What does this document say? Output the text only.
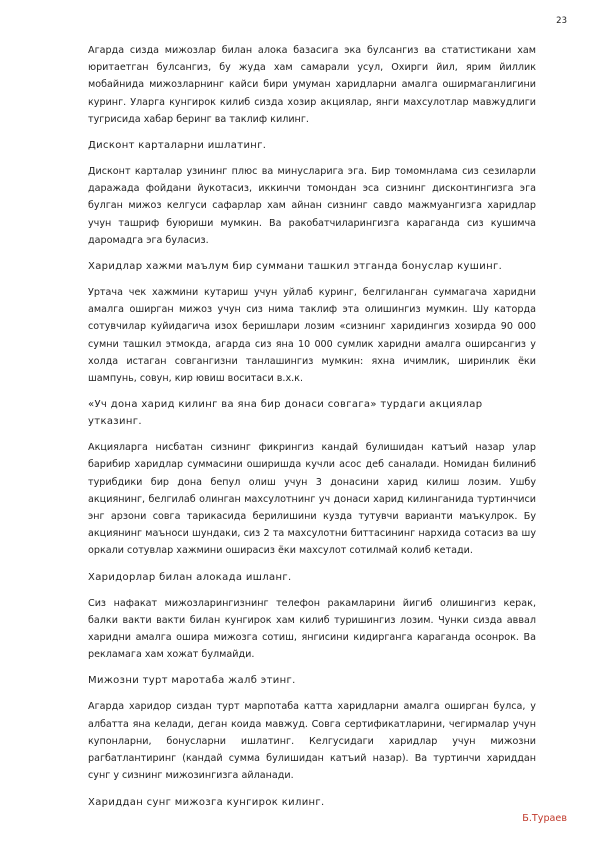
23

Агарда сизда мижозлар билан алока базасига эка булсангиз ва статистикани хам юритаетган булсангиз, бу жуда хам самарали усул, Охирги йил, ярим йиллик мобайнида мижозларнинг кайси бири умуман харидларни амалга оширмаганлигини куринг. Уларга кунгирок килиб сизда хозир акциялар, янги махсулотлар мавжудлиги тугрисида хабар беринг ва таклиф килинг.

Дисконт карталарни ишлатинг.

Дисконт карталар узининг плюс ва минусларига эга. Бир томомнлама сиз сезиларли даражада фойдани йукотасиз, иккинчи томондан эса сизнинг дисконтингизга эга булган мижоз келгуси сафарлар хам айнан сизнинг савдо мажмуангизга харидлар учун ташриф буюриши мумкин. Ва ракобатчиларингизга караганда сиз кушимча даромадга эга буласиз.

Харидлар хажми маълум бир суммани ташкил этганда бонуслар кушинг.

Уртача чек хажмини кутариш учун уйлаб куринг, белгиланган суммагача харидни амалга оширган мижоз учун сиз нима таклиф эта олишингиз мумкин. Шу каторда сотувчилар куйидагича изох беришлари лозим «сизнинг харидингиз хозирда 90 000 сумни ташкил этмокда, агарда сиз яна 10 000 сумлик харидни амалга оширсангиз у холда истаган совгангизни танлашингиз мумкин: яхна ичимлик, ширинлик ёки шампунь, совун, кир ювиш воситаси в.х.к.

«Уч дона харид килинг ва яна бир донаси совгага» турдаги акциялар утказинг.

Акцияларга нисбатан сизнинг фикрингиз кандай булишидан катъий назар улар барибир харидлар суммасини оширишда кучли асос деб саналади. Номидан билиниб турибдики бир дона бепул олиш учун 3 донасини харид килиш лозим. Ушбу акциянинг, белгилаб олинган махсулотнинг уч донаси харид килинганида туртинчиси энг арзони совга тарикасида берилишини кузда тутувчи варианти маъкулрок. Бу акциянинг маъноси шундаки, сиз 2 та махсулотни биттасининг нархида сотасиз ва шу оркали сотувлар хажмини оширасиз ёки махсулот сотилмай колиб кетади.

Харидорлар билан алокада ишланг.

Сиз нафакат мижозларингизнинг телефон ракамларини йигиб олишингиз керак, балки вакти вакти билан кунгирок хам килиб туришингиз лозим. Чунки сизда аввал харидни амалга ошира мижозга сотиш, янгисини кидирганга караганда осонрок. Ва рекламага хам хожат булмайди.

Мижозни турт маротаба жалб этинг.

Агарда харидор сиздан турт марпотаба катта харидларни амалга оширган булса, у албатта яна келади, деган коида мавжуд. Совга сертификатларини, чегирмалар учун купонларни, бонусларни ишлатинг. Келгусидаги харидлар учун мижозни рагбатлантиринг (кандай сумма булишидан катъий назар). Ва туртинчи хариддан сунг у сизнинг мижозингизга айланади.

Хариддан сунг мижозга кунгирок килинг.
Б.Тураев
